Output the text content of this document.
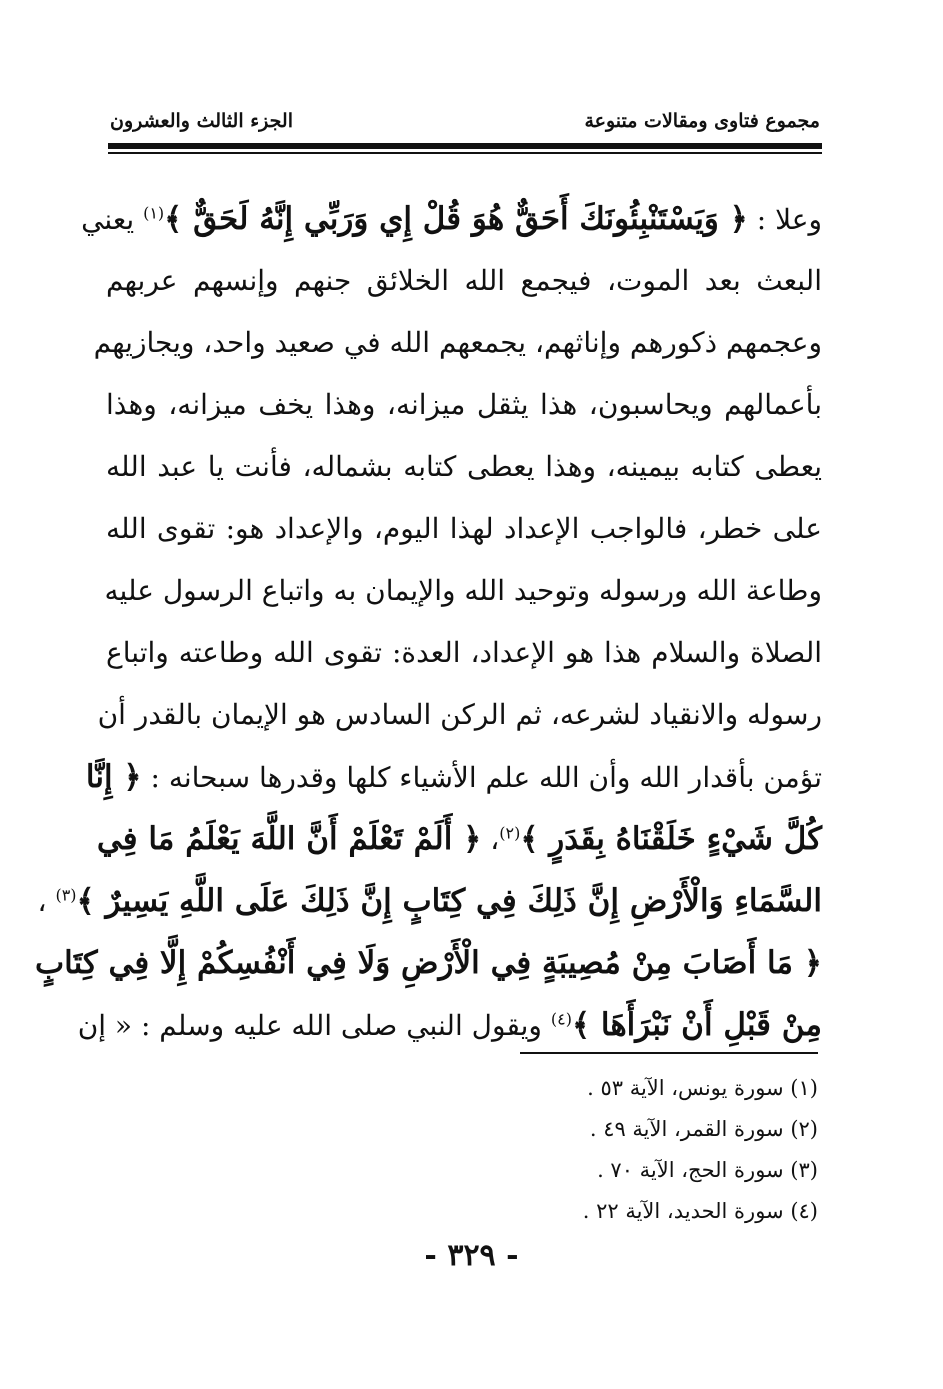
مجموع فتاوى ومقالات متنوعة
الجزء الثالث والعشرون
وعلا : ﴿ وَيَسْتَنْبِئُونَكَ أَحَقٌّ هُوَ قُلْ إِي وَرَبِّي إِنَّهُ لَحَقٌّ ﴾$^{(١)}$ يعني
البعث بعد الموت، فيجمع الله الخلائق جنهم وإنسهم عربهم
وعجمهم ذكورهم وإناثهم، يجمعهم الله في صعيد واحد، ويجازيهم
بأعمالهم ويحاسبون، هذا يثقل ميزانه، وهذا يخف ميزانه، وهذا
يعطى كتابه بيمينه، وهذا يعطى كتابه بشماله، فأنت يا عبد الله
على خطر، فالواجب الإعداد لهذا اليوم، والإعداد هو: تقوى الله
وطاعة الله ورسوله وتوحيد الله والإيمان به واتباع الرسول عليه
الصلاة والسلام هذا هو الإعداد، العدة: تقوى الله وطاعته واتباع
رسوله والانقياد لشرعه، ثم الركن السادس هو الإيمان بالقدر أن
تؤمن بأقدار الله وأن الله علم الأشياء كلها وقدرها سبحانه : ﴿ إِنَّا
كُلَّ شَيْءٍ خَلَقْنَاهُ بِقَدَرٍ ﴾$^{(٢)}$، ﴿ أَلَمْ تَعْلَمْ أَنَّ اللَّهَ يَعْلَمُ مَا فِي
السَّمَاءِ وَالْأَرْضِ إِنَّ ذَلِكَ فِي كِتَابٍ إِنَّ ذَلِكَ عَلَى اللَّهِ يَسِيرٌ ﴾$^{(٣)}$ ،
﴿ مَا أَصَابَ مِنْ مُصِيبَةٍ فِي الْأَرْضِ وَلَا فِي أَنْفُسِكُمْ إِلَّا فِي كِتَابٍ
مِنْ قَبْلِ أَنْ نَبْرَأَهَا ﴾$^{(٤)}$ ويقول النبي صلى الله عليه وسلم : « إن
(١) سورة يونس، الآية ٥٣ .
(٢) سورة القمر، الآية ٤٩ .
(٣) سورة الحج، الآية ٧٠ .
(٤) سورة الحديد، الآية ٢٢ .
- ٣٢٩ -
